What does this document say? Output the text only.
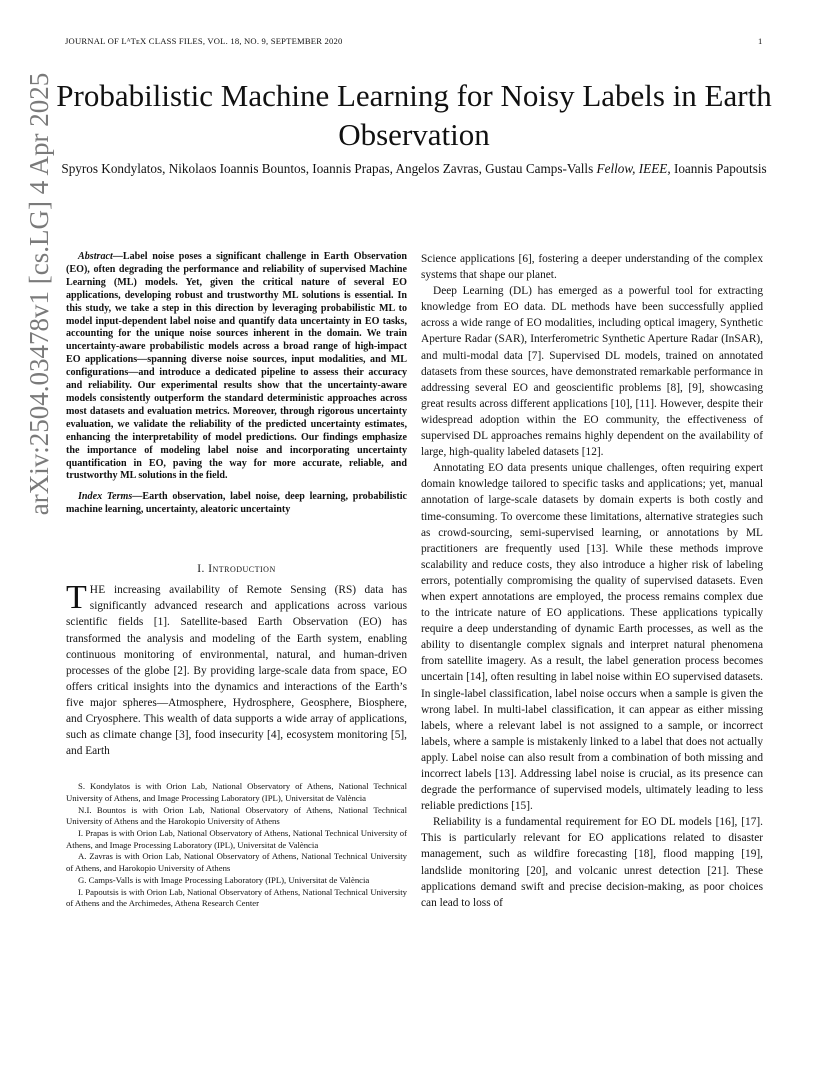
JOURNAL OF LᴬTᴇX CLASS FILES, VOL. 18, NO. 9, SEPTEMBER 2020	1
Probabilistic Machine Learning for Noisy Labels in Earth Observation
Spyros Kondylatos, Nikolaos Ioannis Bountos, Ioannis Prapas, Angelos Zavras, Gustau Camps-Valls Fellow, IEEE, Ioannis Papoutsis
arXiv:2504.03478v1 [cs.LG] 4 Apr 2025	Abstract—Label noise poses a significant challenge in Earth Observation (EO), often degrading the performance and reliability of supervised Machine Learning (ML) models. Yet, given the critical nature of several EO applications, developing robust and trustworthy ML solutions is essential. In this study, we take a step in this direction by leveraging probabilistic ML to model input-dependent label noise and quantify data uncertainty in EO tasks, accounting for the unique noise sources inherent in the domain. We train uncertainty-aware probabilistic models across a broad range of high-impact EO applications—spanning diverse noise sources, input modalities, and ML configurations—and introduce a dedicated pipeline to assess their accuracy and reliability. Our experimental results show that the uncertainty-aware models consistently outperform the standard deterministic approaches across most datasets and evaluation metrics. Moreover, through rigorous uncertainty evaluation, we validate the reliability of the predicted uncertainty estimates, enhancing the interpretability of model predictions. Our findings emphasize the importance of modeling label noise and incorporating uncertainty quantification in EO, paving the way for more accurate, reliable, and trustworthy ML solutions in the field.

Index Terms—Earth observation, label noise, deep learning, probabilistic machine learning, uncertainty, aleatoric uncertainty

I. Introduction

THE increasing availability of Remote Sensing (RS) data has significantly advanced research and applications across various scientific fields [1]. Satellite-based Earth Observation (EO) has transformed the analysis and modeling of the Earth system, enabling continuous monitoring of environmental, natural, and human-driven processes of the globe [2]. By providing large-scale data from space, EO offers critical insights into the dynamics and interactions of the Earth’s five major spheres—Atmosphere, Hydrosphere, Geosphere, Biosphere, and Cryosphere. This wealth of data supports a wide array of applications, such as climate change [3], food insecurity [4], ecosystem monitoring [5], and Earth

S. Kondylatos is with Orion Lab, National Observatory of Athens, National Technical University of Athens, and Image Processing Laboratory (IPL), Universitat de València

N.I. Bountos is with Orion Lab, National Observatory of Athens, National Technical University of Athens and the Harokopio University of Athens

I. Prapas is with Orion Lab, National Observatory of Athens, National Technical University of Athens, and Image Processing Laboratory (IPL), Universitat de València

A. Zavras is with Orion Lab, National Observatory of Athens, National Technical University of Athens, and Harokopio University of Athens

G. Camps-Valls is with Image Processing Laboratory (IPL), Universitat de València

I. Papoutsis is with Orion Lab, National Observatory of Athens, National Technical University of Athens and the Archimedes, Athena Research Center

Science applications [6], fostering a deeper understanding of the complex systems that shape our planet.

Deep Learning (DL) has emerged as a powerful tool for extracting knowledge from EO data. DL methods have been successfully applied across a wide range of EO modalities, including optical imagery, Synthetic Aperture Radar (SAR), Interferometric Synthetic Aperture Radar (InSAR), and multi-modal data [7]. Supervised DL models, trained on annotated datasets from these sources, have demonstrated remarkable performance in addressing several EO and geoscientific problems [8], [9], showcasing great results across different applications [10], [11]. However, despite their widespread adoption within the EO community, the effectiveness of supervised DL approaches remains highly dependent on the availability of large, high-quality labeled datasets [12].

Annotating EO data presents unique challenges, often requiring expert domain knowledge tailored to specific tasks and applications; yet, manual annotation of large-scale datasets by domain experts is both costly and time-consuming. To overcome these limitations, alternative strategies such as crowd-sourcing, semi-supervised learning, or annotations by ML practitioners are frequently used [13]. While these methods improve scalability and reduce costs, they also introduce a higher risk of labeling errors, potentially compromising the quality of supervised datasets. Even when expert annotations are employed, the process remains complex due to the intricate nature of EO applications. These applications typically require a deep understanding of dynamic Earth processes, as well as the ability to disentangle complex signals and interpret natural phenomena from satellite imagery. As a result, the label generation process becomes uncertain [14], often resulting in label noise within EO supervised datasets. In single-label classification, label noise occurs when a sample is given the wrong label. In multi-label classification, it can appear as either missing labels, where a relevant label is not assigned to a sample, or incorrect labels, where a sample is mistakenly linked to a label that does not actually apply. Label noise can also result from a combination of both missing and incorrect labels [13]. Addressing label noise is crucial, as its presence can degrade the performance of supervised models, ultimately leading to less reliable predictions [15].

Reliability is a fundamental requirement for EO DL models [16], [17]. This is particularly relevant for EO applications related to disaster management, such as wildfire forecasting [18], flood mapping [19], landslide monitoring [20], and volcanic unrest detection [21]. These applications demand swift and precise decision-making, as poor choices can lead to loss of
